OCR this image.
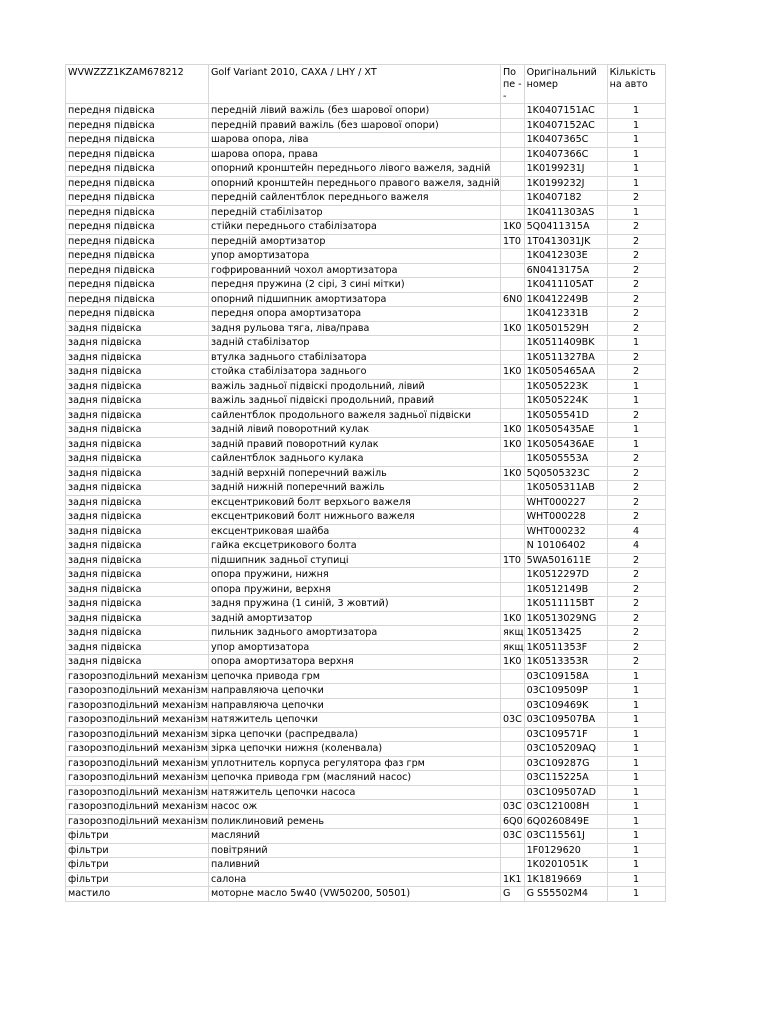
WVWZZZ1KZAM678212	Golf Variant 2010, CAXA / LHY / XT	По пе --	Оригінальний номер	Кількість на авто
передня підвіска	передній лівий важіль (без шарової опори)		1K0407151AC	1
передня підвіска	передній правий важіль (без шарової опори)		1K0407152AC	1
передня підвіска	шарова опора, ліва		1K0407365C	1
передня підвіска	шарова опора, права		1K0407366C	1
передня підвіска	опорний кронштейн переднього лівого важеля, задній		1K0199231J	1
передня підвіска	опорний кронштейн переднього правого важеля, задній		1K0199232J	1
передня підвіска	передній сайлентблок переднього важеля		1K0407182	2
передня підвіска	передній стабілізатор		1K0411303AS	1
передня підвіска	стійки переднього стабілізатора	1K0	5Q0411315A	2
передня підвіска	передній амортизатор	1T0	1T0413031JK	2
передня підвіска	упор амортизатора		1K0412303E	2
передня підвіска	гофрированний чохол амортизатора		6N0413175A	2
передня підвіска	передня пружина (2 сірі, 3 сині мітки)		1K0411105AT	2
передня підвіска	опорний підшипник амортизатора	6N0	1K0412249B	2
передня підвіска	передня опора амортизатора		1K0412331B	2
задня підвіска	задня рульова тяга, ліва/права	1K0	1K0501529H	2
задня підвіска	задній стабілізатор		1K0511409BK	1
задня підвіска	втулка заднього стабілізатора		1K0511327BA	2
задня підвіска	стойка стабілізатора заднього	1K0	1K0505465AA	2
задня підвіска	важіль задньої підвіскі продольний, лівий		1K0505223K	1
задня підвіска	важіль задньої підвіскі продольний, правий		1K0505224K	1
задня підвіска	сайлентблок продольного важеля задньої підвіски		1K0505541D	2
задня підвіска	задній лівий поворотний кулак	1K0	1K0505435AE	1
задня підвіска	задній правий поворотний кулак	1K0	1K0505436AE	1
задня підвіска	сайлентблок заднього кулака		1K0505553A	2
задня підвіска	задній верхній поперечний важіль	1K0	5Q0505323C	2
задня підвіска	задній нижній поперечний важіль		1K0505311AB	2
задня підвіска	ексцентриковий болт верхього важеля		WHT000227	2
задня підвіска	ексцентриковий болт нижнього важеля		WHT000228	2
задня підвіска	ексцентриковая шайба		WHT000232	4
задня підвіска	гайка ексцетрикового болта		N 10106402	4
задня підвіска	підшипник задньої ступиці	1T0	5WA501611E	2
задня підвіска	опора пружини, нижня		1K0512297D	2
задня підвіска	опора пружини, верхня		1K0512149B	2
задня підвіска	задня пружина (1 синій, 3 жовтий)		1K0511115BT	2
задня підвіска	задній амортизатор	1K0	1K0513029NG	2
задня підвіска	пильник заднього амортизатора	якщ	1K0513425	2
задня підвіска	упор амортизатора	якщ	1K0511353F	2
задня підвіска	опора амортизатора верхня	1K0	1K0513353R	2
газорозподільний механізм	цепочка привода грм		03C109158A	1
газорозподільний механізм	направляюча цепочки		03C109509P	1
газорозподільний механізм	направляюча цепочки		03C109469K	1
газорозподільний механізм	натяжитель цепочки	03C	03C109507BA	1
газорозподільний механізм	зірка цепочки (распредвала)		03C109571F	1
газорозподільний механізм	зірка цепочки нижня (коленвала)		03C105209AQ	1
газорозподільний механізм	уплотнитель корпуса регулятора фаз грм		03C109287G	1
газорозподільний механізм	цепочка привода грм (масляний насос)		03C115225A	1
газорозподільний механізм	натяжитель цепочки насоса		03C109507AD	1
газорозподільний механізм	насос ож	03C	03C121008H	1
газорозподільний механізм	поликлиновий ремень	6Q0	6Q0260849E	1
фільтри	масляний	03C	03C115561J	1
фільтри	повітряний		1F0129620	1
фільтри	паливний		1K0201051K	1
фільтри	салона	1K1	1K1819669	1
мастило	моторне масло 5w40 (VW50200, 50501)	G	G S55502M4	1
